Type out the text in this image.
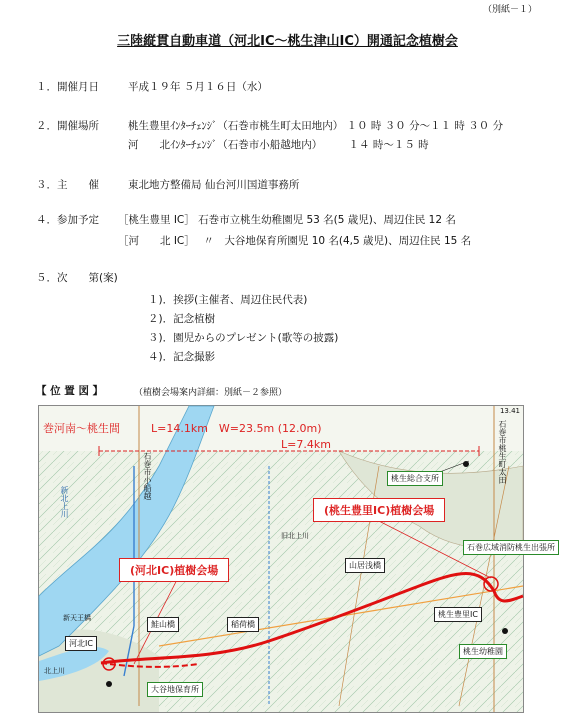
（別紙－１）
三陸縦貫自動車道（河北IC～桃生津山IC）開通記念植樹会
１．開催月日	平成１９年 ５月１６日（水）
２．開催場所	桃生豊里ｲﾝﾀｰﾁｪﾝｼﾞ（石巻市桃生町太田地内） １０ 時 ３０ 分～１１ 時 ３０ 分
河　　北ｲﾝﾀｰﾁｪﾝｼﾞ（石巻市小船越地内）　　　１４ 時～１５ 時
３．主　　催	東北地方整備局 仙台河川国道事務所
４．参加予定 ［桃生豊里 IC］ 石巻市立桃生幼稚園児 53 名(5 歳児)、周辺住民 12 名
［河　　北 IC］　 〃　大谷地保育所園児 10 名(4,5 歳児)、周辺住民 15 名
５．次　　第(案)
１)．挨拶(主催者、周辺住民代表)
２)．記念植樹
３)．園児からのプレゼント(歌等の披露)
４)．記念撮影
【 位 置 図 】	（植樹会場案内詳細：別紙－２参照）
巻河南～桃生間	L=14.1km　W=23.5m (12.0m)
L=7.4km
13.41
石巻市桃生町太田
石巻市小船越
新北上川
旧北上川
新天王橋
北上川
(桃生豊里IC)植樹会場
(河北IC)植樹会場
桃生総合支所
石巻広域消防桃生出張所
桃生豊里IC
桃生幼稚園
山居浅橋
河北IC
大谷地保育所
鮭山橋	稲荷橋
